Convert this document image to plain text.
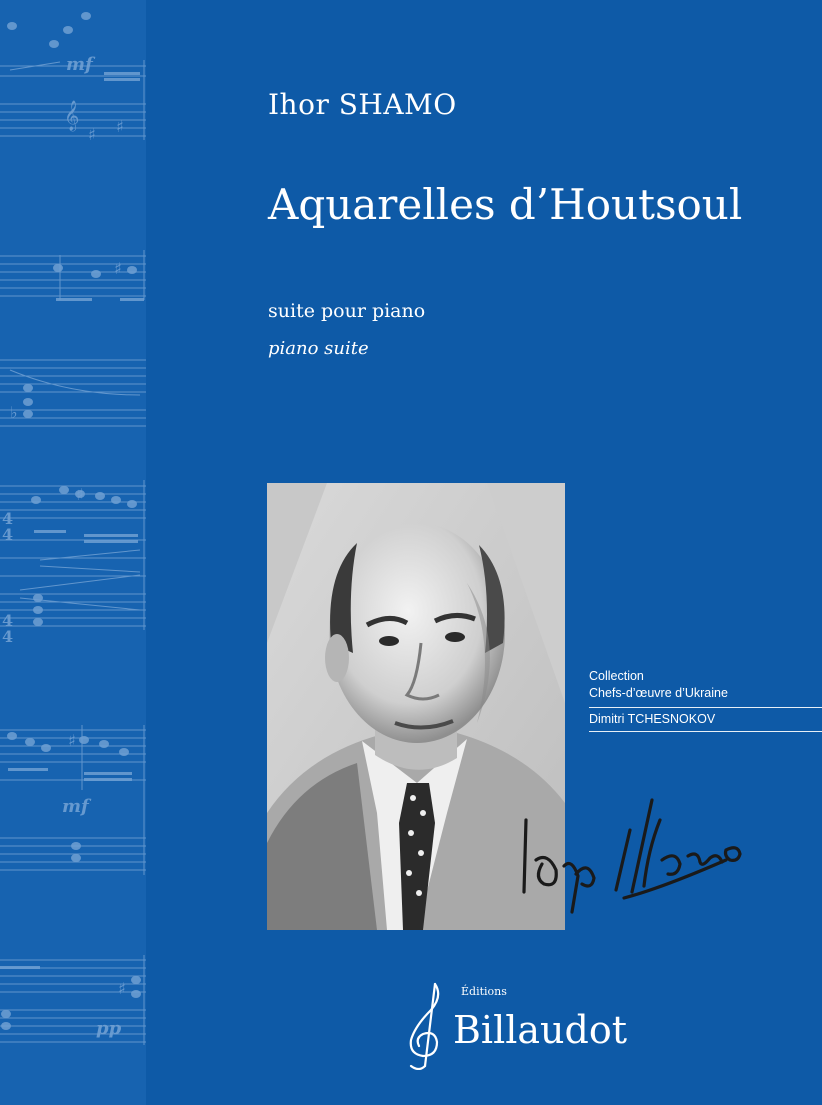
mf
mf
pp
4
4
4
4
𝄞
♯ ♯
♯
♭
♯
♯
♯
Ihor SHAMO
Aquarelles d’Houtsoul
suite pour piano
piano suite
Collection
Chefs-d’œuvre d’Ukraine
Dimitri TCHESNOKOV
Éditions
Billaudot
